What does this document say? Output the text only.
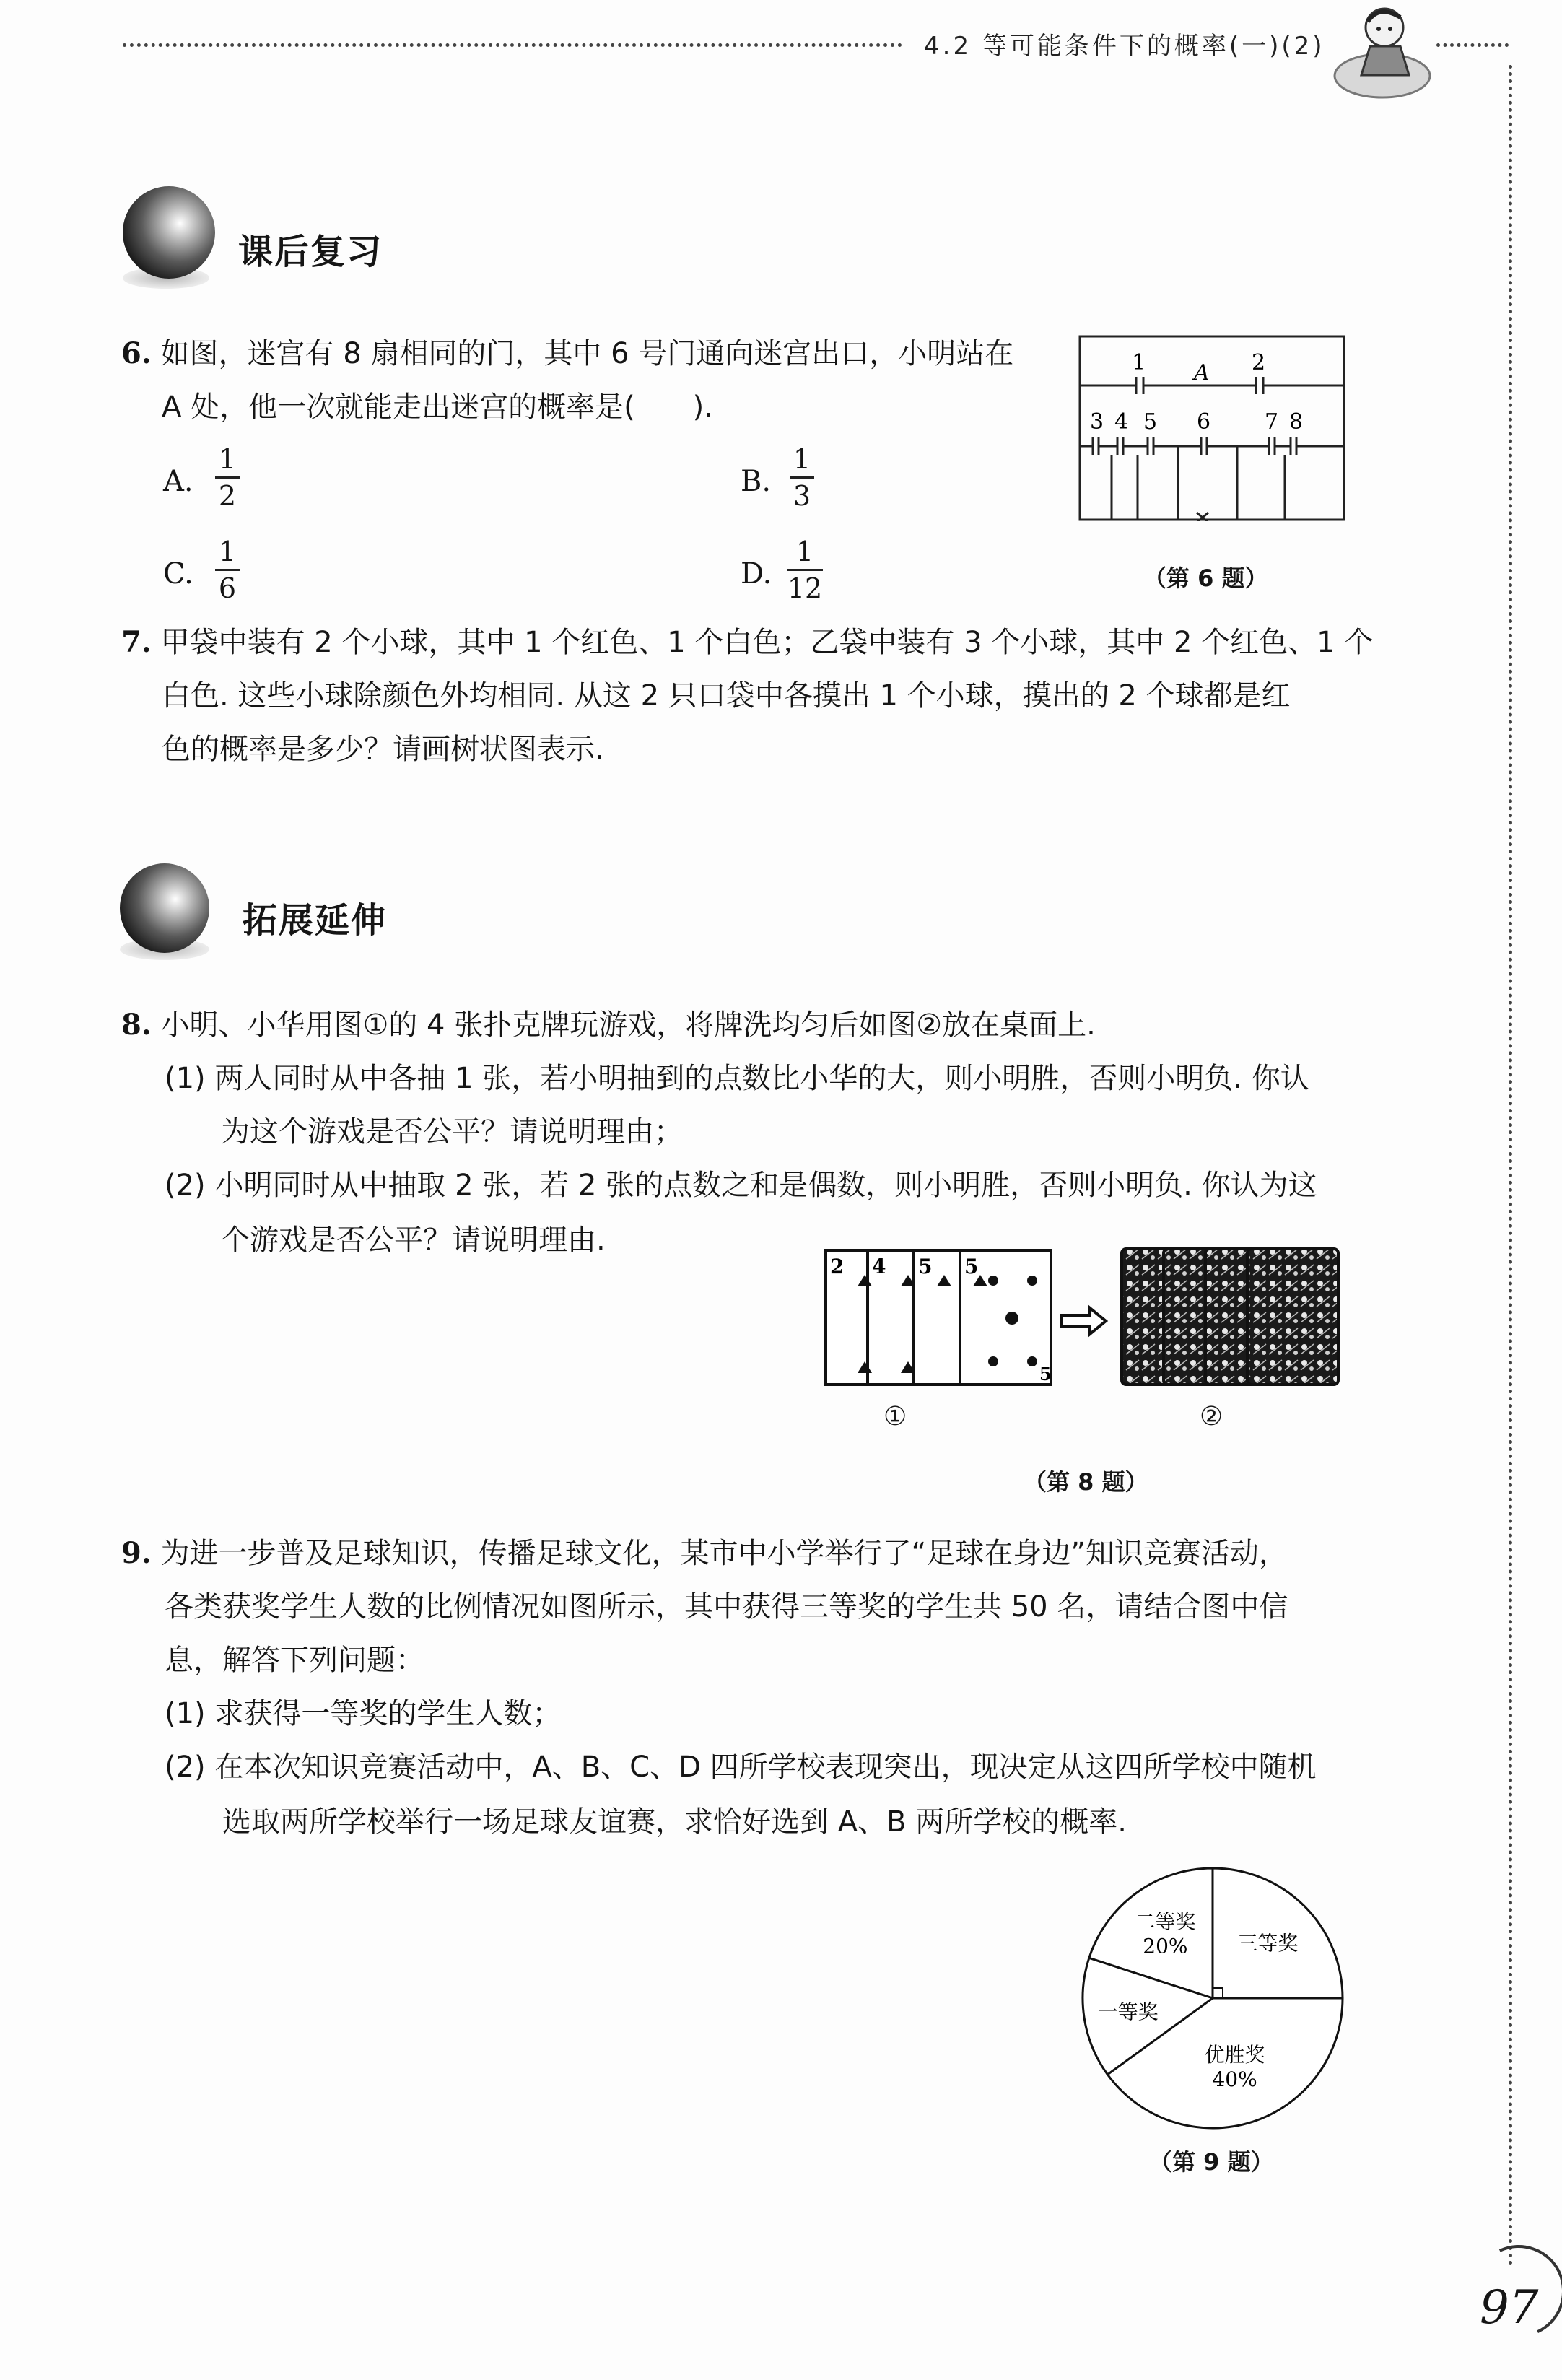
4.2 等可能条件下的概率(一)(2)
课后复习
6. 如图，迷宫有 8 扇相同的门，其中 6 号门通向迷宫出口，小明站在
A 处，他一次就能走出迷宫的概率是(　　).
A.
1
2	B.
1
3
C.
1
6	D.
1
12
1 A 2
3 4 5 6 7 8
（第 6 题）
7. 甲袋中装有 2 个小球，其中 1 个红色、1 个白色；乙袋中装有 3 个小球，其中 2 个红色、1 个
白色. 这些小球除颜色外均相同. 从这 2 只口袋中各摸出 1 个小球，摸出的 2 个球都是红
色的概率是多少？请画树状图表示.
拓展延伸
8. 小明、小华用图①的 4 张扑克牌玩游戏，将牌洗均匀后如图②放在桌面上.
(1) 两人同时从中各抽 1 张，若小明抽到的点数比小华的大，则小明胜，否则小明负. 你认
为这个游戏是否公平？请说明理由；
(2) 小明同时从中抽取 2 张，若 2 张的点数之和是偶数，则小明胜，否则小明负. 你认为这
个游戏是否公平？请说明理由.
2 4 5 5
5
①	②
（第 8 题）
9. 为进一步普及足球知识，传播足球文化，某市中小学举行了“足球在身边”知识竞赛活动，
各类获奖学生人数的比例情况如图所示，其中获得三等奖的学生共 50 名，请结合图中信
息，解答下列问题：
(1) 求获得一等奖的学生人数；
(2) 在本次知识竞赛活动中，A、B、C、D 四所学校表现突出，现决定从这四所学校中随机
选取两所学校举行一场足球友谊赛，求恰好选到 A、B 两所学校的概率.
二等奖
20% 三等奖
优胜奖
40%
一等奖
（第 9 题）
97
